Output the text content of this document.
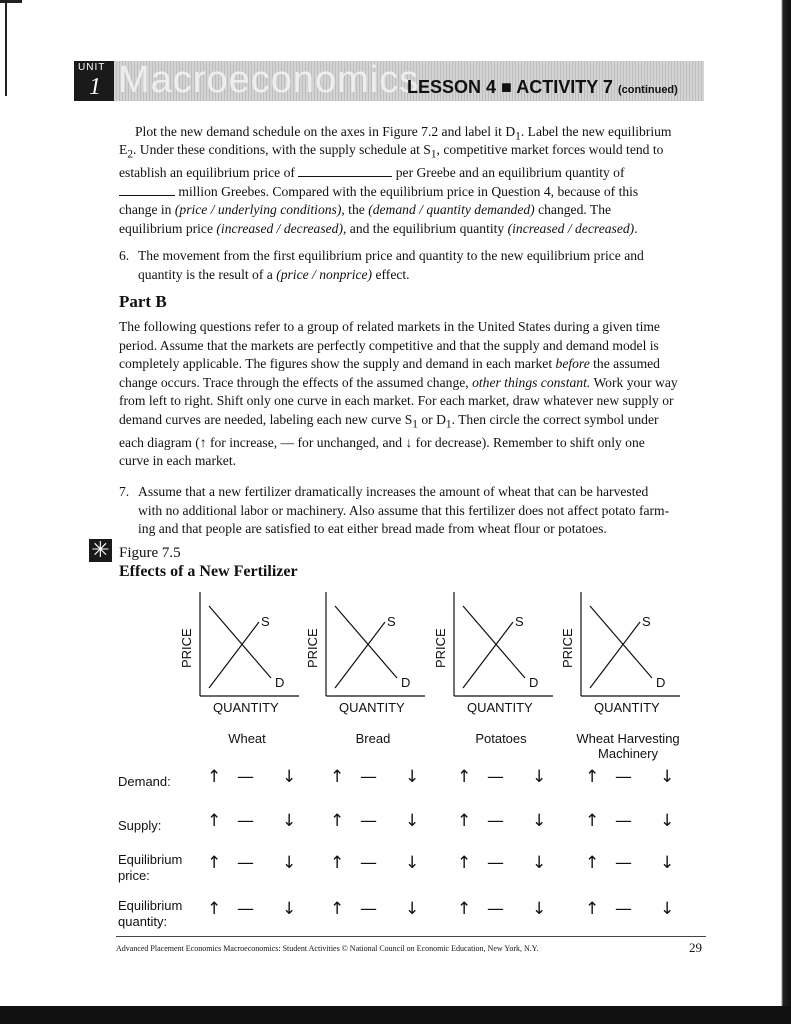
UNIT
1 Macroeconomics
LESSON 4 ■ ACTIVITY 7 (continued)
Plot the new demand schedule on the axes in Figure 7.2 and label it $D_1$. Label the new equilibrium
$E_2$. Under these conditions, with the supply schedule at $S_1$, competitive market forces would tend to
establish an equilibrium price of	per Greebe and an equilibrium quantity of
million Greebes. Compared with the equilibrium price in Question 4, because of this
change in (price / underlying conditions), the (demand / quantity demanded) changed. The
equilibrium price (increased / decreased), and the equilibrium quantity (increased / decreased).
6. The movement from the first equilibrium price and quantity to the new equilibrium price and
quantity is the result of a (price / nonprice) effect.
Part B
The following questions refer to a group of related markets in the United States during a given time
period. Assume that the markets are perfectly competitive and that the supply and demand model is
completely applicable. The figures show the supply and demand in each market before the assumed
change occurs. Trace through the effects of the assumed change, other things constant. Work your way
from left to right. Shift only one curve in each market. For each market, draw whatever new supply or
demand curves are needed, labeling each new curve $S_1$ or $D_1$. Then circle the correct symbol under
each diagram (↑ for increase, — for unchanged, and ↓ for decrease). Remember to shift only one
curve in each market.
7. Assume that a new fertilizer dramatically increases the amount of wheat that can be harvested
with no additional labor or machinery. Also assume that this fertilizer does not affect potato farm-
ing and that people are satisfied to eat either bread made from wheat flour or potatoes.
✳ Figure 7.5
Effects of a New Fertilizer
S
D
S
D
S
D
S
D
PRICE
QUANTITY
Wheat
PRICE
QUANTITY
Bread
PRICE
QUANTITY
Potatoes
PRICE
QUANTITY
Wheat Harvesting Machinery
Demand:
Supply:
Equilibrium price:
Equilibrium quantity:
↑ — ↓ ↑ — ↓ ↑ — ↓ ↑ — ↓
↑ — ↓ ↑ — ↓ ↑ — ↓ ↑ — ↓
↑ — ↓ ↑ — ↓ ↑ — ↓ ↑ — ↓
↑ — ↓ ↑ — ↓ ↑ — ↓ ↑ — ↓
Advanced Placement Economics Macroeconomics: Student Activities © National Council on Economic Education, New York, N.Y.	29
